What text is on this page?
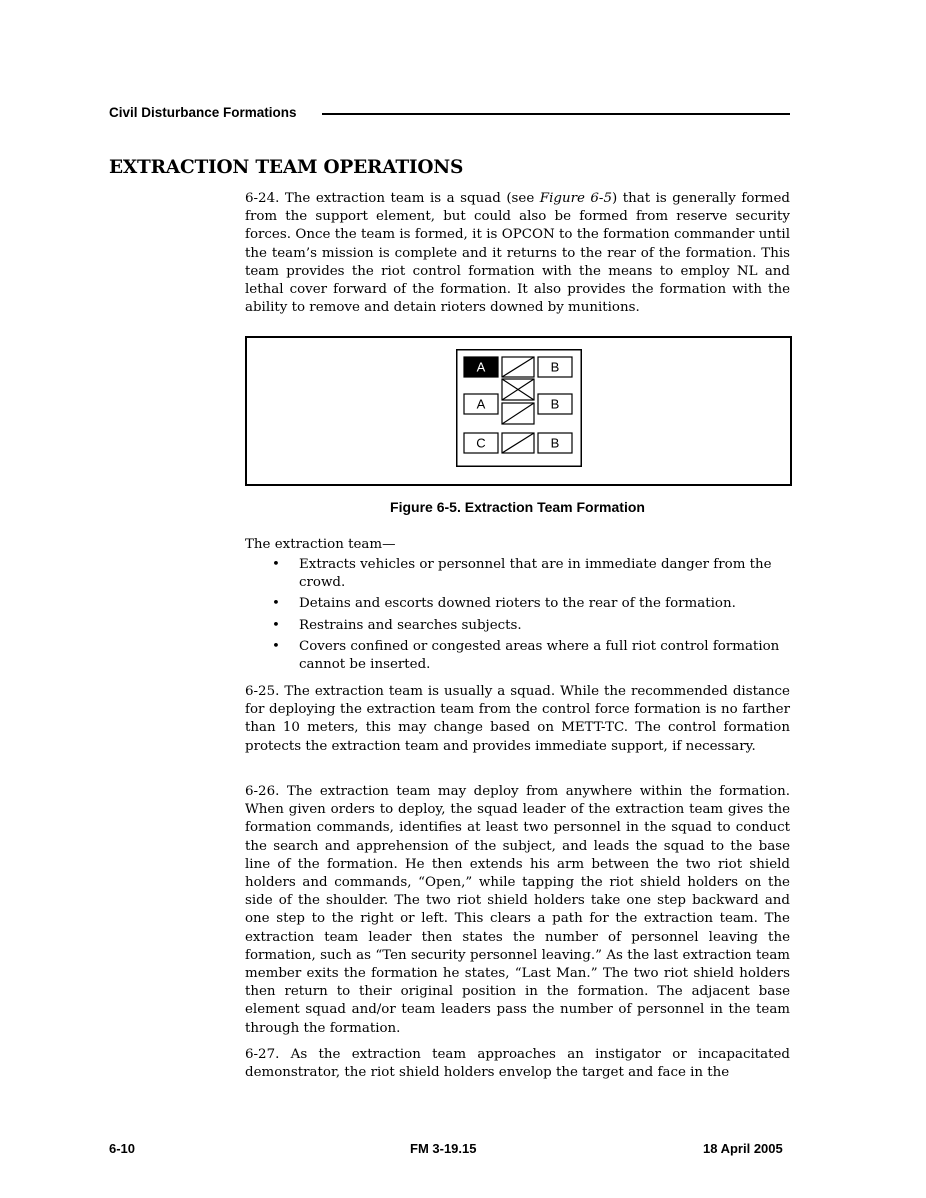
Civil Disturbance Formations
EXTRACTION TEAM OPERATIONS

6-24. The extraction team is a squad (see Figure 6-5) that is generally formed from the support element, but could also be formed from reserve security forces. Once the team is formed, it is OPCON to the formation commander until the team’s mission is complete and it returns to the rear of the formation. This team provides the riot control formation with the means to employ NL and lethal cover forward of the formation. It also provides the formation with the ability to remove and detain rioters downed by munitions.

A	B
A	B
C	B
Figure 6-5. Extraction Team Formation

The extraction team—

• Extracts vehicles or personnel that are in immediate danger from the crowd.
• Detains and escorts downed rioters to the rear of the formation.
• Restrains and searches subjects.
• Covers confined or congested areas where a full riot control formation cannot be inserted.

6-25. The extraction team is usually a squad. While the recommended distance for deploying the extraction team from the control force formation is no farther than 10 meters, this may change based on METT-TC. The control formation protects the extraction team and provides immediate support, if necessary.

6-26. The extraction team may deploy from anywhere within the formation. When given orders to deploy, the squad leader of the extraction team gives the formation commands, identifies at least two personnel in the squad to conduct the search and apprehension of the subject, and leads the squad to the base line of the formation. He then extends his arm between the two riot shield holders and commands, “Open,” while tapping the riot shield holders on the side of the shoulder. The two riot shield holders take one step backward and one step to the right or left. This clears a path for the extraction team. The extraction team leader then states the number of personnel leaving the formation, such as “Ten security personnel leaving.” As the last extraction team member exits the formation he states, “Last Man.” The two riot shield holders then return to their original position in the formation. The adjacent base element squad and/or team leaders pass the number of personnel in the team through the formation.

6-27. As the extraction team approaches an instigator or incapacitated demonstrator, the riot shield holders envelop the target and face in the

6-10	FM 3-19.15	18 April 2005
